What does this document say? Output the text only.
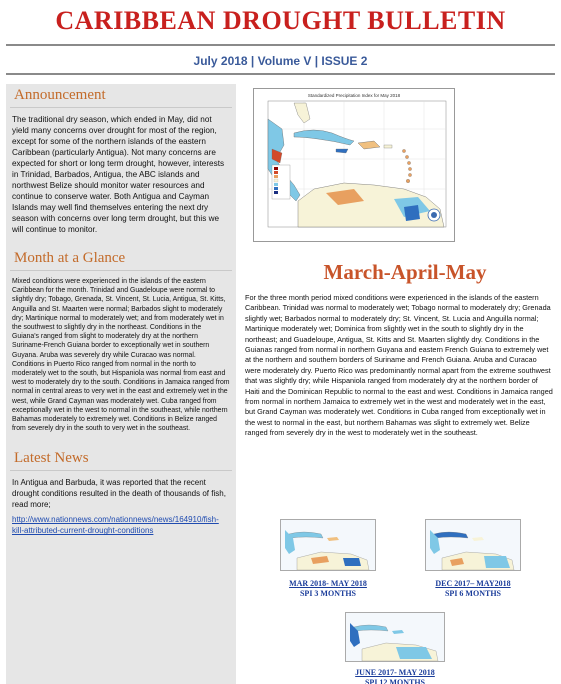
CARIBBEAN DROUGHT BULLETIN
July 2018 | Volume V | ISSUE 2
Announcement

The traditional dry season, which ended in May, did not yield many concerns over drought for most of the region, except for some of the northern islands of the eastern Caribbean (particularly Antigua). Not many concerns are expected for short or long term drought, however, interests in Trinidad, Barbados, Antigua, the ABC islands and northwest Belize should monitor water resources and continue to conserve water. Both Antigua and Cayman Islands may well find themselves entering the next dry season with concerns over long term drought, but this we will continue to monitor.

Month at a Glance

Mixed conditions were experienced in the islands of the eastern Caribbean for the month. Trinidad and Guadeloupe were normal to slightly dry; Tobago, Grenada, St. Vincent, St. Lucia, Antigua, St. Kitts, Anguilla and St. Maarten were normal; Barbados slight to moderately dry; Martinique normal to moderately wet; and from moderately wet in the southwest to slightly dry in the northeast. Conditions in the Guiana's ranged from slight to moderately dry at the northern Suriname-French Guiana border to exceptionally wet in southern Guyana. Aruba was severely dry while Curacao was normal. Conditions in Puerto Rico ranged from normal in the north to moderately wet to the south, but Hispaniola was normal from east and west to moderately dry to the south. Conditions in Jamaica ranged from normal in central areas to very wet in the east and extremely wet in the west, while Grand Cayman was moderately wet. Cuba ranged from exceptionally wet in the west to normal in the southeast, while northern Bahamas moderately to extremely wet. Conditions in Belize ranged from severely dry in the south to very wet in the southeast.

Latest News

In Antigua and Barbuda, it was reported that the recent drought conditions resulted in the death of thousands of fish, read more;

http://www.nationnews.com/nationnews/news/164910/fish-kill-attributed-current-drought-conditions
Standardized Precipitation Index for May 2018
March-April-May

For the three month period mixed conditions were experienced in the islands of the eastern Caribbean. Trinidad was normal to moderately wet; Tobago normal to moderately dry; Grenada slightly wet; Barbados normal to moderately dry; St. Vincent, St. Lucia and Anguilla normal; Martinique moderately wet; Dominica from slightly wet in the south to slightly dry in the northeast; and Guadeloupe, Antigua, St. Kitts and St. Maarten slightly dry. Conditions in the Guianas ranged from normal in northern Guyana and eastern French Guiana to extremely wet at the northern and southern borders of Suriname and French Guiana. Aruba and Curacao were moderately dry. Puerto Rico was predominantly normal apart from the extreme southwest that was slightly dry; while Hispaniola ranged from moderately dry at the northern border of Haiti and the Dominican Republic to normal to the east and west. Conditions in Jamaica ranged from normal in northern Jamaica to extremely wet in the west and moderately wet in the east, but Grand Cayman was moderately wet. Conditions in Cuba ranged from exceptionally wet in the west to normal in the east, but northern Bahamas was slight to extremely wet. Belize ranged from severely dry in the west to moderately wet in the southeast.

MAR 2018- MAY 2018
SPI 3 MONTHS
DEC 2017– MAY2018
SPI 6 MONTHS
JUNE 2017- MAY 2018
SPI 12 MONTHS
